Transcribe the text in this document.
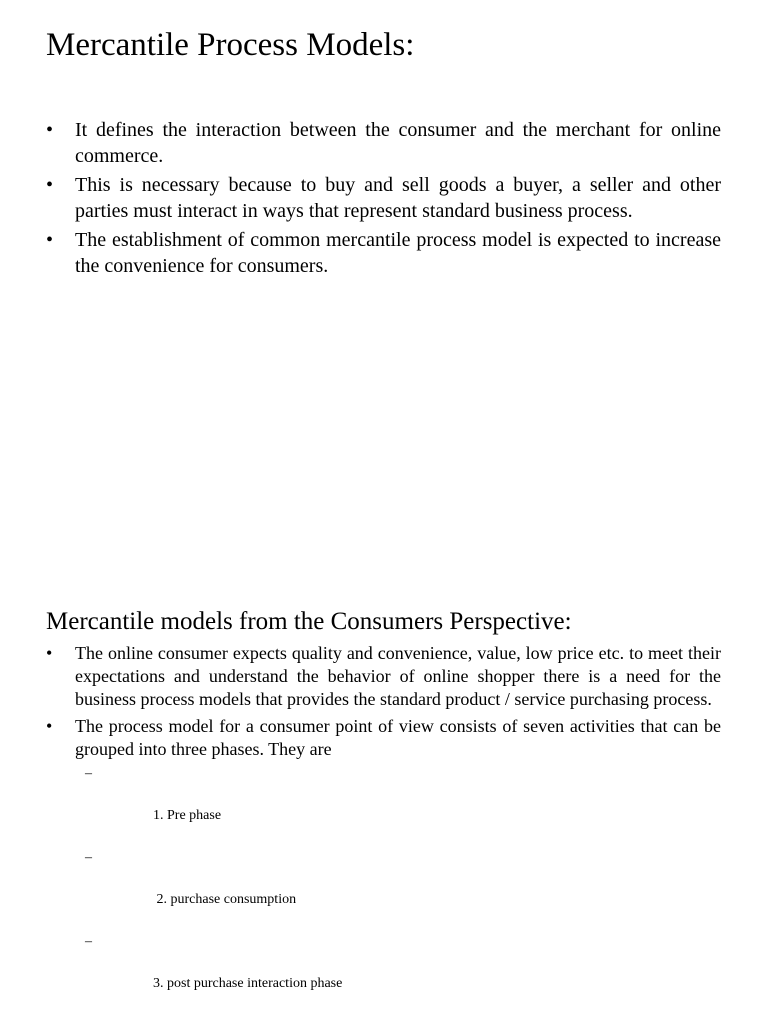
Mercantile Process Models:
• It defines the interaction between the consumer and the merchant for online commerce.
• This is necessary because to buy and sell goods a buyer, a seller and other parties must interact in ways that represent standard business process.
• The establishment of common mercantile process model is expected to increase the convenience for consumers.
Mercantile models from the Consumers Perspective:
• The online consumer expects quality and convenience, value, low price etc. to meet their expectations and understand the behavior of online shopper there is a need for the business process models that provides the standard product / service purchasing process.
• The process model for a consumer point of view consists of seven activities that can be grouped into three phases. They are

–

1. Pre phase

–

2. purchase consumption

–

3. post purchase interaction phase
